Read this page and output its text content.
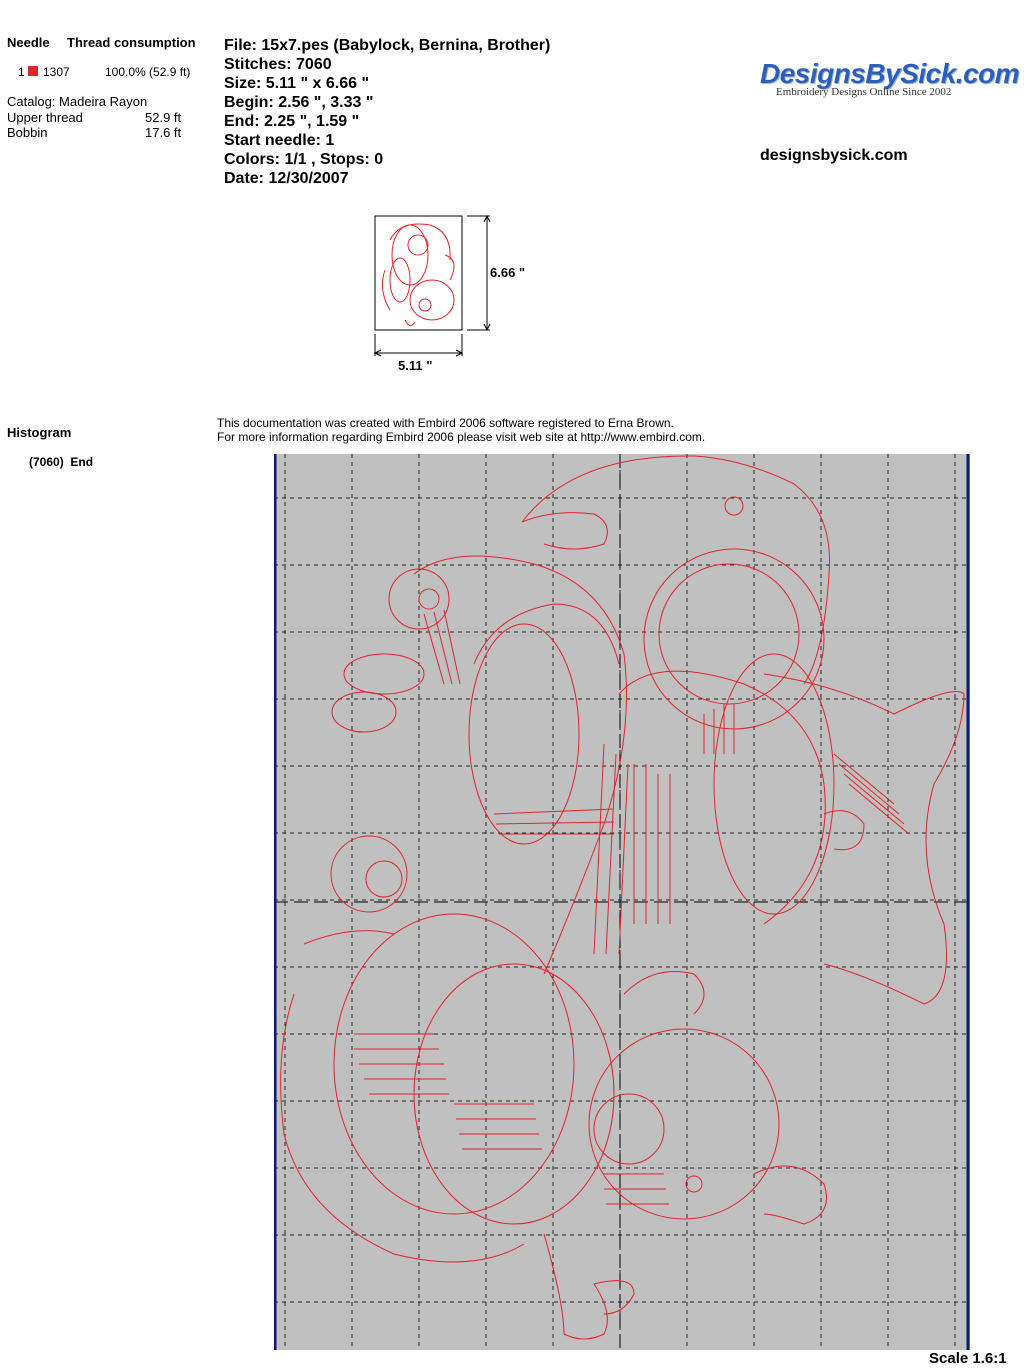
Needle Thread consumption
1 1307	100.0% (52.9 ft)
Catalog: Madeira Rayon
Upper thread	52.9 ft
Bobbin	17.6 ft
Histogram
(7060)  End
File: 15x7.pes (Babylock, Bernina, Brother)
Stitches: 7060
Size: 5.11 " x 6.66 "
Begin: 2.56 ", 3.33 "
End: 2.25 ", 1.59 "
Start needle: 1
Colors: 1/1 , Stops: 0
Date: 12/30/2007
DesignsBySick.com
Embroidery Designs Online Since 2002
designsbysick.com
6.66 "
5.11 "
This documentation was created with Embird 2006 software registered to Erna Brown.
For more information regarding Embird 2006 please visit web site at http://www.embird.com.
Scale 1.6:1
